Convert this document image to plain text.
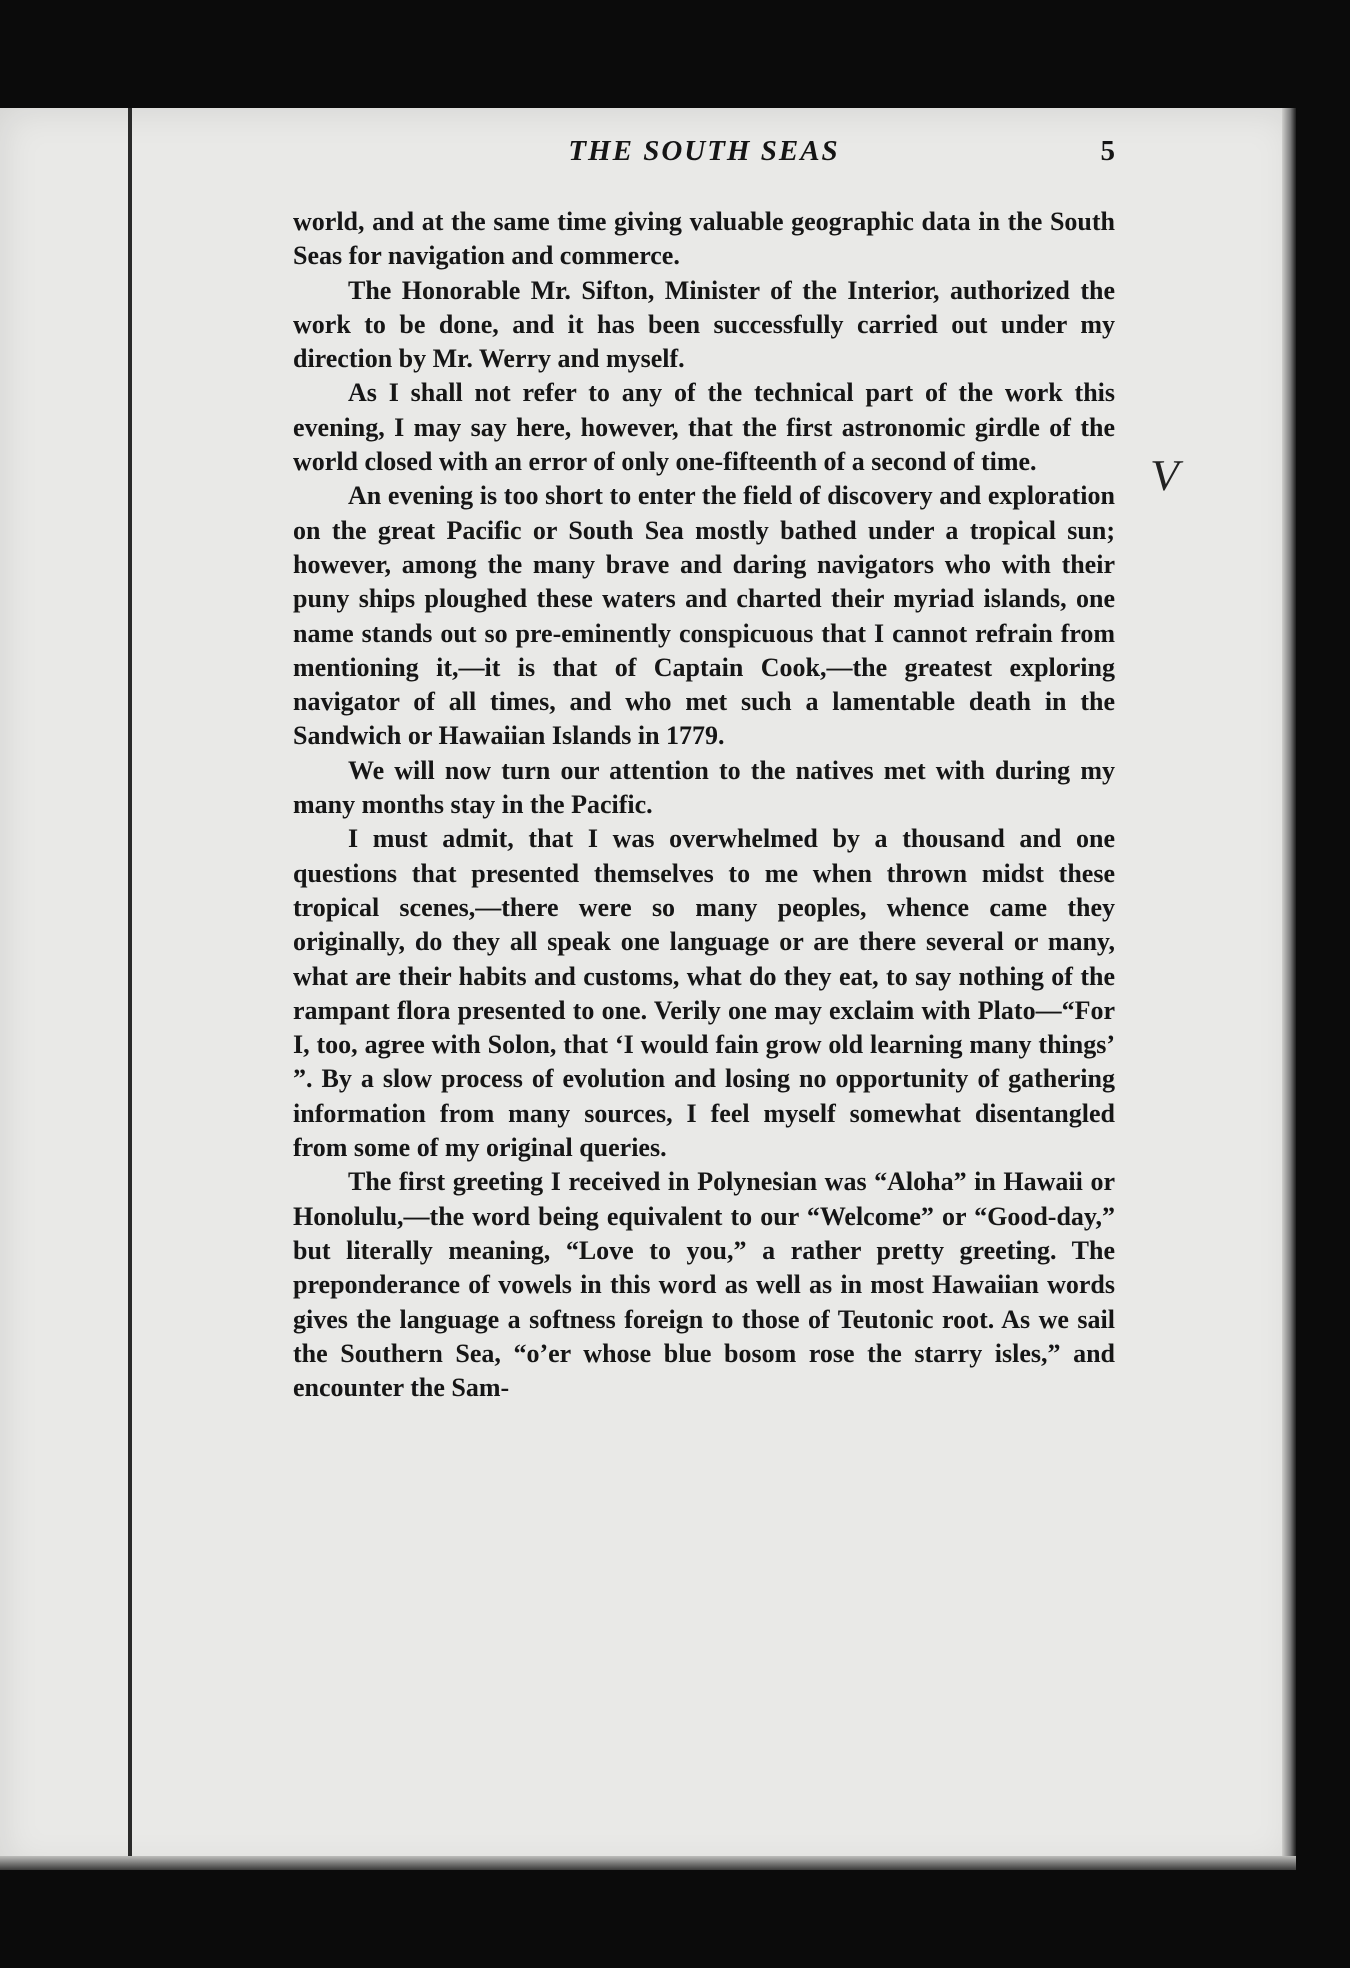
THE SOUTH SEAS	5

world, and at the same time giving valuable geographic data in the South Seas for navigation and commerce.

The Honorable Mr. Sifton, Minister of the Interior, authorized the work to be done, and it has been successfully carried out under my direction by Mr. Werry and myself.

As I shall not refer to any of the technical part of the work this evening, I may say here, however, that the first astronomic girdle of the world closed with an error of only one-fifteenth of a second of time.

An evening is too short to enter the field of discovery and exploration on the great Pacific or South Sea mostly bathed under a tropical sun; however, among the many brave and daring navigators who with their puny ships ploughed these waters and charted their myriad islands, one name stands out so pre-eminently conspicuous that I cannot refrain from mentioning it,—it is that of Captain Cook,—the greatest exploring navigator of all times, and who met such a lamentable death in the Sandwich or Hawaiian Islands in 1779.

We will now turn our attention to the natives met with during my many months stay in the Pacific.

I must admit, that I was overwhelmed by a thousand and one questions that presented themselves to me when thrown midst these tropical scenes,—there were so many peoples, whence came they originally, do they all speak one language or are there several or many, what are their habits and customs, what do they eat, to say nothing of the rampant flora presented to one. Verily one may exclaim with Plato—“For I, too, agree with Solon, that ‘I would fain grow old learning many things’ ”. By a slow process of evolution and losing no opportunity of gathering information from many sources, I feel myself somewhat disentangled from some of my original queries.

The first greeting I received in Polynesian was “Aloha” in Hawaii or Honolulu,—the word being equivalent to our “Welcome” or “Good-day,” but literally meaning, “Love to you,” a rather pretty greeting. The preponderance of vowels in this word as well as in most Hawaiian words gives the language a softness foreign to those of Teutonic root. As we sail the Southern Sea, “o’er whose blue bosom rose the starry isles,” and encounter the Sam-

V
